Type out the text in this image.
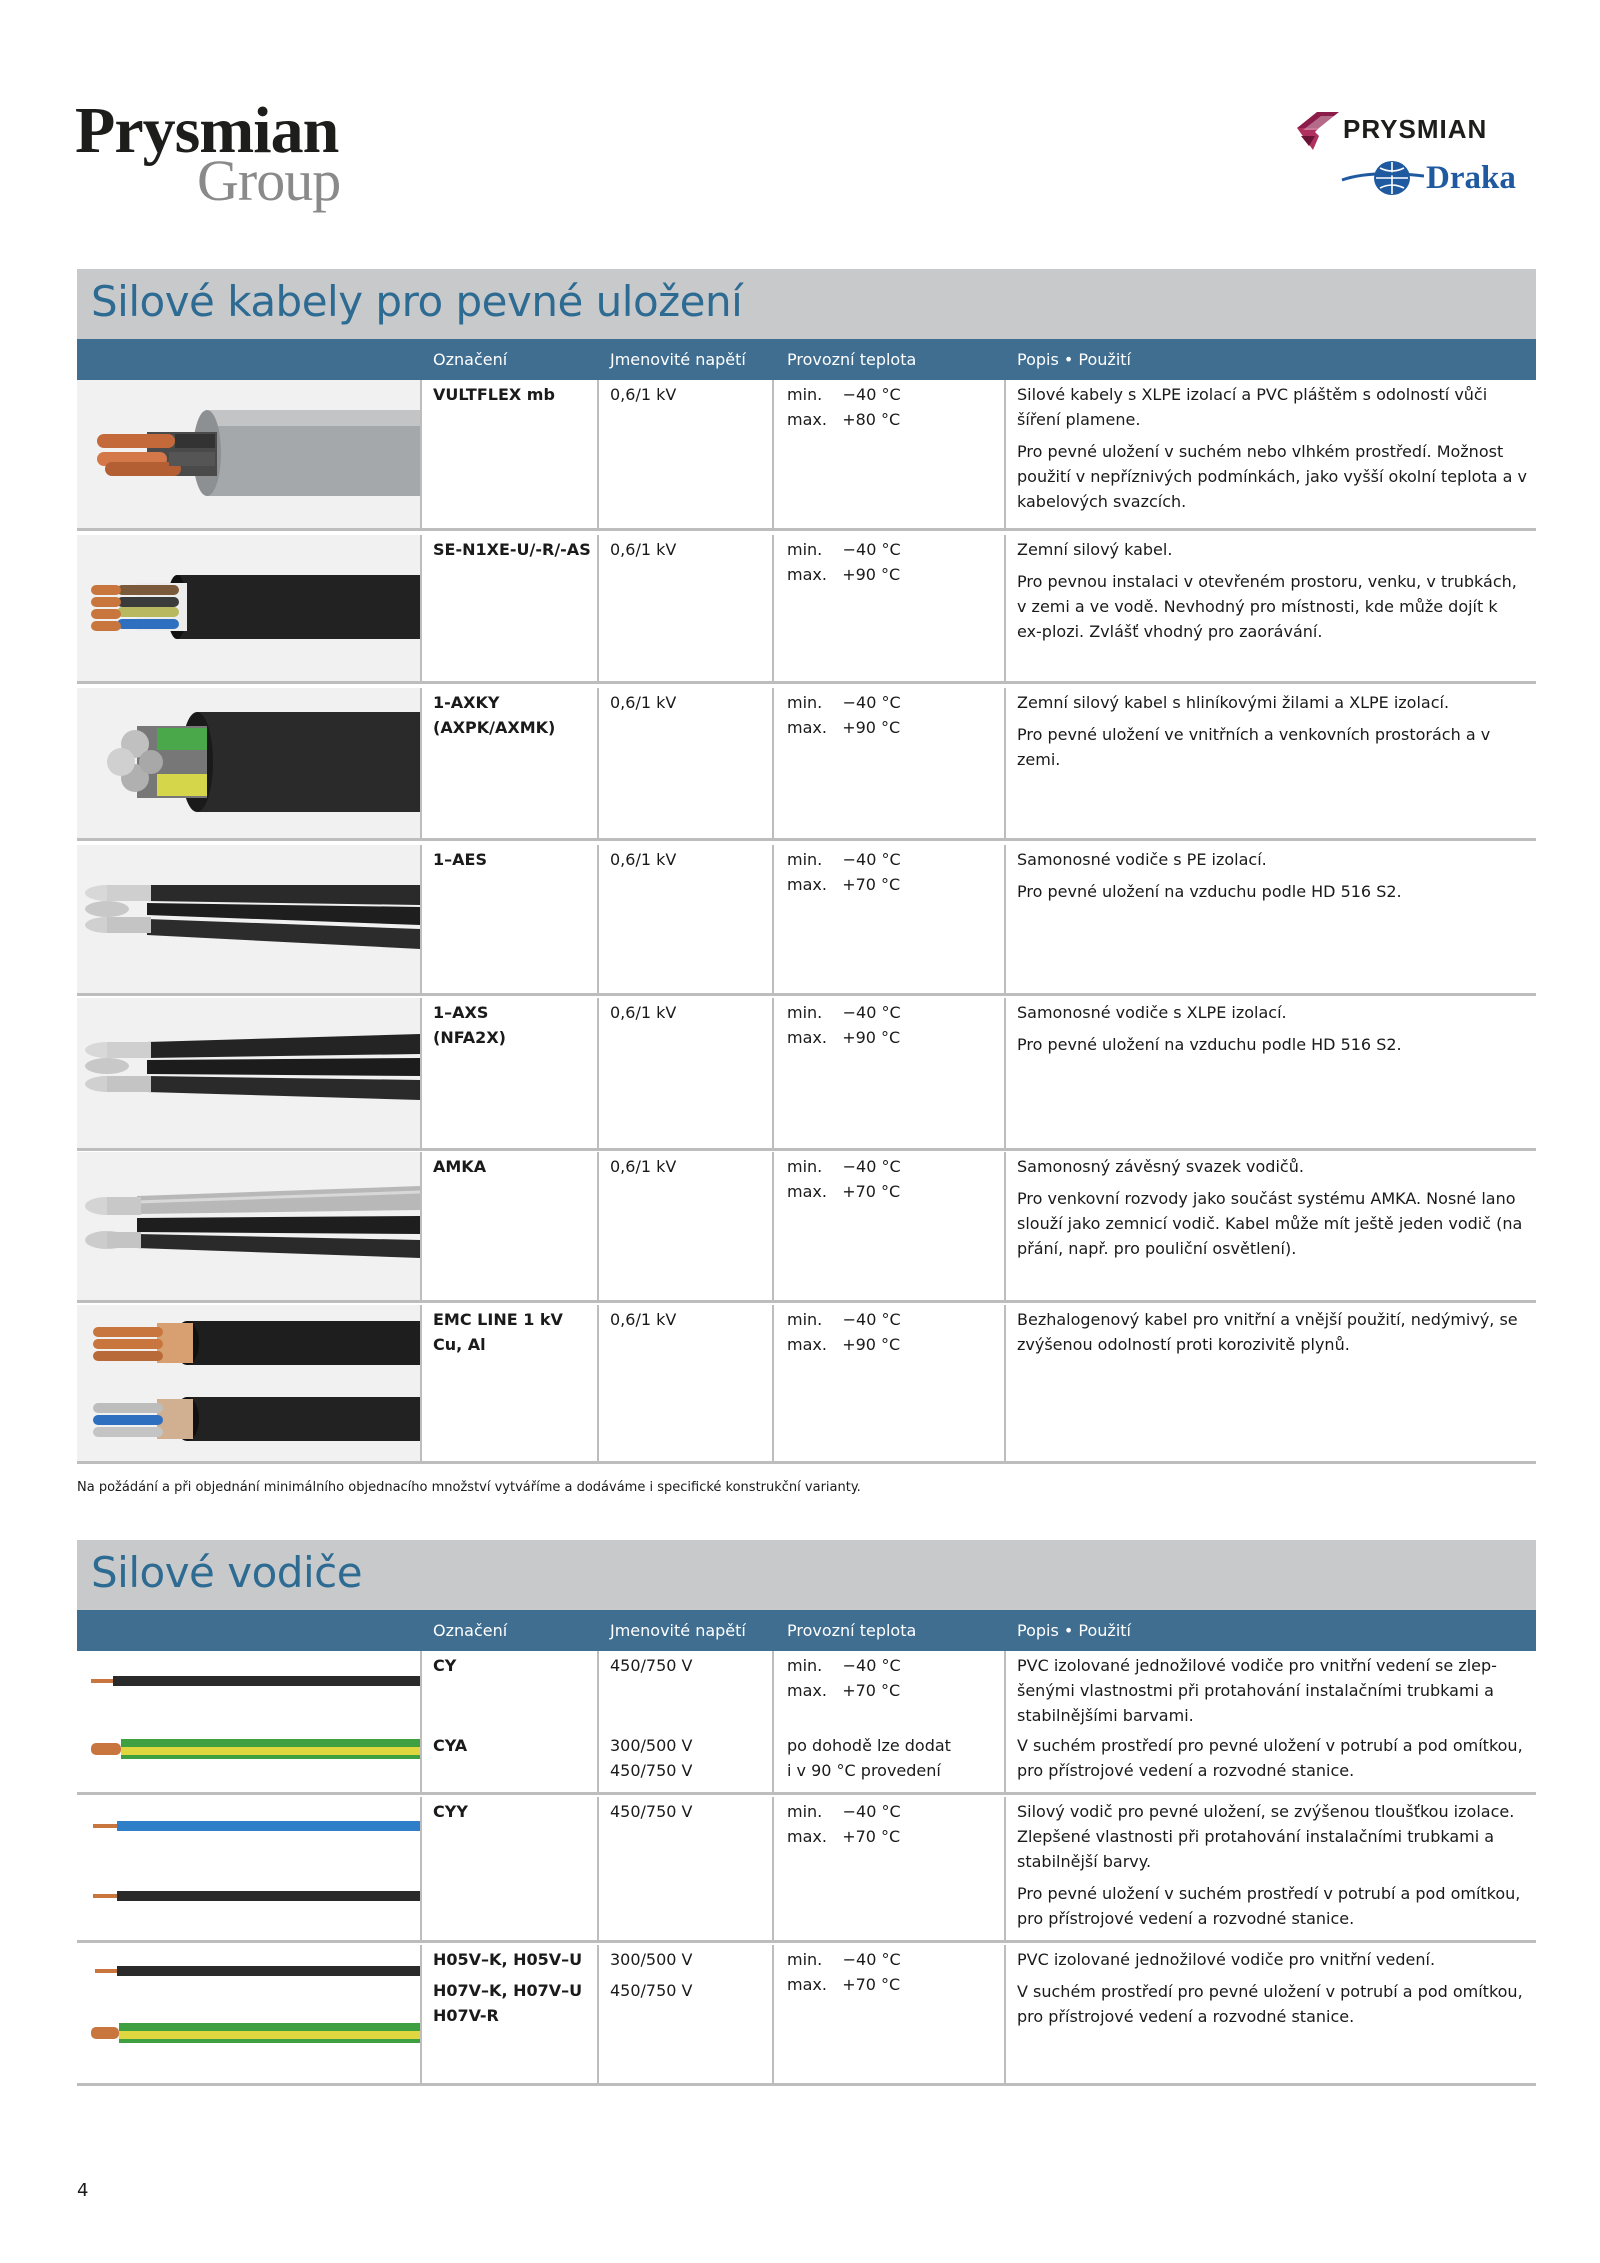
Prysmian
Group
PRYSMIAN
Draka
Silové kabely pro pevné uložení
Označení	Jmenovité napětí	Provozní teplota	Popis • Použití
VULTFLEX mb	0,6/1 kV	min.    −40 °C
max.   +80 °C

Silové kabely s XLPE izolací a PVC pláštěm s odolností vůči šíření plamene.

Pro pevné uložení v suchém nebo vlhkém prostředí. Možnost použití v nepříznivých podmínkách, jako vyšší okolní teplota a v kabelových svazcích.

SE-N1XE-U/-R/-AS 0,6/1 kV	min.    −40 °C
max.   +90 °C

Zemní silový kabel.

Pro pevnou instalaci v otevřeném prostoru, venku, v trubkách, v zemi a ve vodě. Nevhodný pro místnosti, kde může dojít k ex-plozi. Zvlášť vhodný pro zaorávání.

1-AXKY
(AXPK/AXMK)
0,6/1 kV	min.    −40 °C
max.   +90 °C

Zemní silový kabel s hliníkovými žilami a XLPE izolací.

Pro pevné uložení ve vnitřních a venkovních prostorách a v zemi.

1–AES	0,6/1 kV	min.    −40 °C
max.   +70 °C

Samonosné vodiče s PE izolací.

Pro pevné uložení na vzduchu podle HD 516 S2.

1–AXS
(NFA2X)
0,6/1 kV	min.    −40 °C
max.   +90 °C

Samonosné vodiče s XLPE izolací.

Pro pevné uložení na vzduchu podle HD 516 S2.

AMKA	0,6/1 kV	min.    −40 °C
max.   +70 °C

Samonosný závěsný svazek vodičů.

Pro venkovní rozvody jako součást systému AMKA. Nosné lano slouží jako zemnicí vodič. Kabel může mít ještě jeden vodič (na přání, např. pro pouliční osvětlení).

EMC LINE 1 kV
Cu, Al
0,6/1 kV	min.    −40 °C
max.   +90 °C

Bezhalogenový kabel pro vnitřní a vnější použití, nedýmivý, se zvýšenou odolností proti korozivitě plynů.

Na požádání a při objednání minimálního objednacího množství vytváříme a dodáváme i specifické konstrukční varianty.
Silové vodiče
Označení	Jmenovité napětí	Provozní teplota	Popis • Použití
CY	450/750 V	min.    −40 °C
max.   +70 °C

PVC izolované jednožilové vodiče pro vnitřní vedení se zlep-šenými vlastnostmi při protahování instalačními trubkami a stabilnějšími barvami.

CYA	300/500 V
450/750 V
po dohodě lze dodat
i v 90 °C provedení

V suchém prostředí pro pevné uložení v potrubí a pod omítkou, pro přístrojové vedení a rozvodné stanice.

CYY	450/750 V	min.    −40 °C
max.   +70 °C

Silový vodič pro pevné uložení, se zvýšenou tloušťkou izolace. Zlepšené vlastnosti při protahování instalačními trubkami a stabilnější barvy.

Pro pevné uložení v suchém prostředí v potrubí a pod omítkou, pro přístrojové vedení a rozvodné stanice.

H05V–K, H05V–U
H07V–K, H07V–U
H07V-R
300/500 V
450/750 V
min.    −40 °C
max.   +70 °C

PVC izolované jednožilové vodiče pro vnitřní vedení.

V suchém prostředí pro pevné uložení v potrubí a pod omítkou, pro přístrojové vedení a rozvodné stanice.

4
